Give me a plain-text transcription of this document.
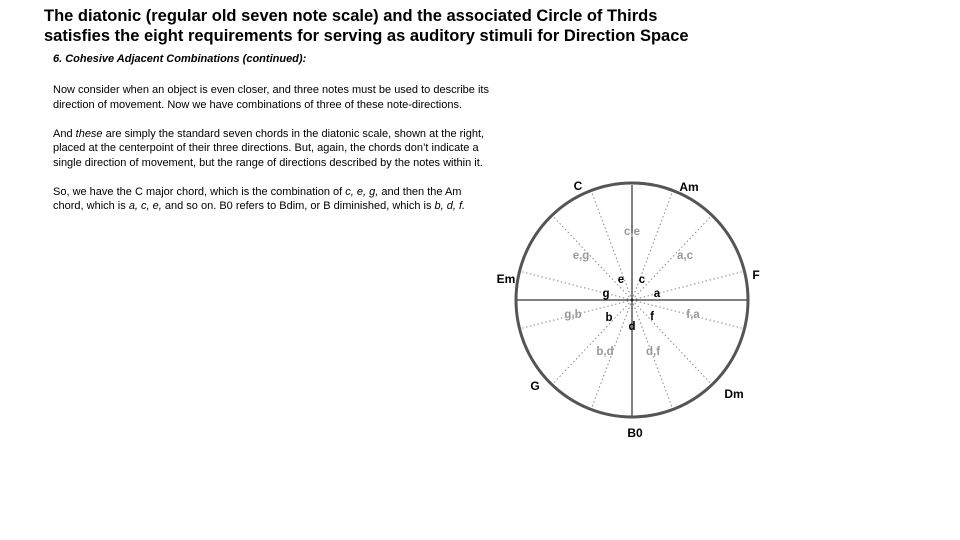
The diatonic (regular old seven note scale) and the associated Circle of Thirds
satisfies the eight requirements for serving as auditory stimuli for Direction Space
6. Cohesive Adjacent Combinations (continued):

Now consider when an object is even closer, and three notes must be used to describe its direction of movement. Now we have combinations of three of these note-directions.

And these are simply the standard seven chords in the diatonic scale, shown at the right, placed at the centerpoint of their three directions. But, again, the chords don’t indicate a single direction of movement, but the range of directions described by the notes within it.

So, we have the C major chord, which is the combination of c, e, g, and then the Am chord, which is a, c, e, and so on. B0 refers to Bdim, or B diminished, which is b, d, f.

C	Am
F
Dm
B0
G
Em
c,e
a,c
f,a
d,f
b,d
g,b
e,g
e c
a
f
d
b
g
